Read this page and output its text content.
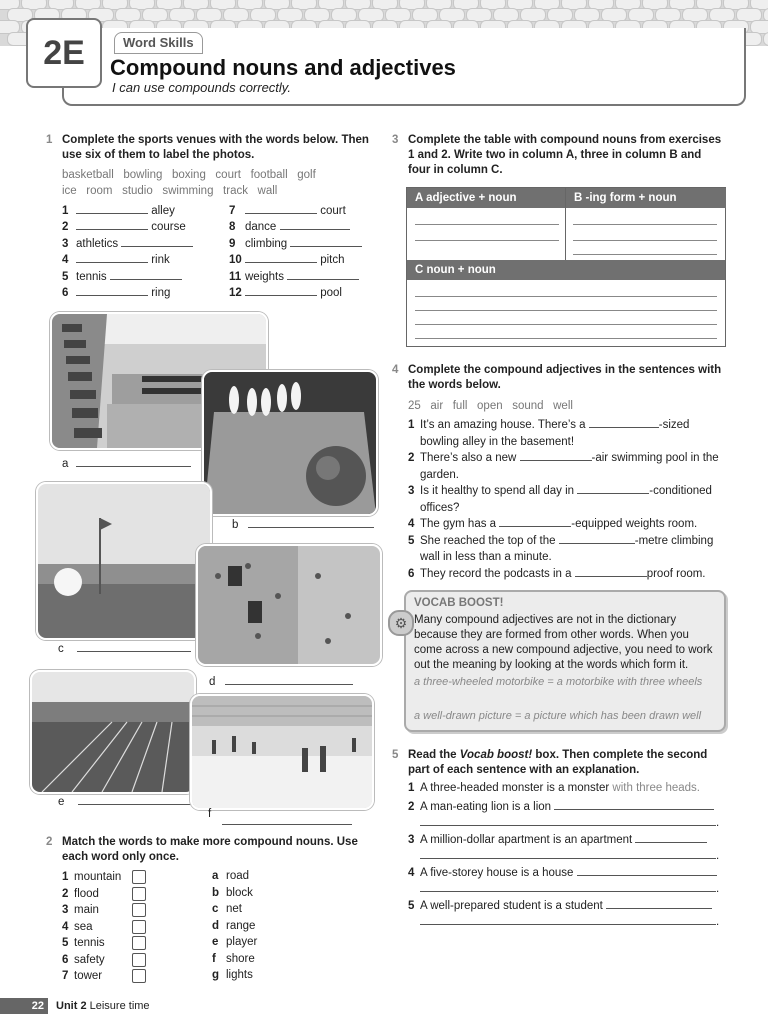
2E	Word Skills
Compound nouns and adjectives
I can use compounds correctly.
1 Complete the sports venues with the words below. Then use six of them to label the photos.
basketball   bowling   boxing   court   football   golf
ice   room   studio   swimming   track   wall
1	alley
2	course
3 athletics
4	rink
5 tennis
6	ring
7	court
8 dance
9 climbing
10	pitch
11 weights
12	pool
a
b
c
d
e
f
2 Match the words to make more compound nouns. Use each word only once.
1 mountain
2 flood
3 main
4 sea
5 tennis
6 safety
7 tower
a road
b block
c net
d range
e player
f shore
g lights
3 Complete the table with compound nouns from exercises 1 and 2. Write two in column A, three in column B and four in column C.
A adjective + noun	B -ing form + noun
C noun + noun
4 Complete the compound adjectives in the sentences with the words below.
25   air   full   open   sound   well
1 It’s an amazing house. There’s a	-sized
bowling alley in the basement!
2 There’s also a new	-air swimming pool in the
garden.
3 Is it healthy to spend all day in	-conditioned
offices?
4 The gym has a	-equipped weights room.
5 She reached the top of the	-metre climbing
wall in less than a minute.
6 They record the podcasts in a	proof room.
⚙
VOCAB BOOST!
Many compound adjectives are not in the dictionary because they are formed from other words. When you come across a new compound adjective, you need to work out the meaning by looking at the words which form it.
a three-wheeled motorbike = a motorbike with three wheels
a well-drawn picture = a picture which has been drawn well
5 Read the Vocab boost! box. Then complete the second part of each sentence with an explanation.
1 A three-headed monster is a monster with three heads.
2 A man-eating lion is a lion
.
3 A million-dollar apartment is an apartment
.
4 A five-storey house is a house
.
5 A well-prepared student is a student
.
22	Unit 2 Leisure time
